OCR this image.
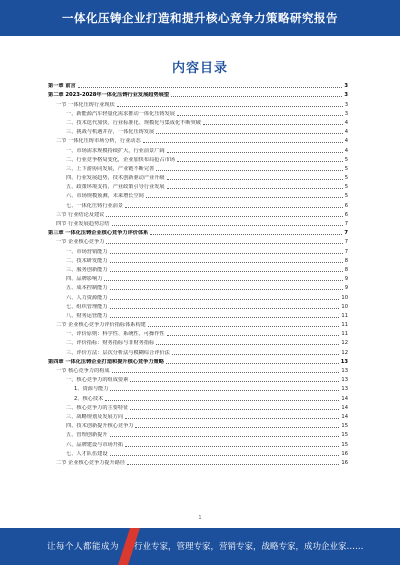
一体化压铸企业打造和提升核心竞争力策略研究报告
内容目录
第一章 前言	3
第二章 2023-2028年一体化压铸行业发展趋势展望	3
一节 一体化压铸行业现状	3
一、新能源汽车轻量化需求推动一体化压铸发展	3
二、技术迭代加快、行业标准化、规模化与集成化不断突破	4
三、挑战与机遇并存，一体化压铸发展	4
二节 一体化压铸市场分析，行业动态	4
一、市场需求规模持续扩大，行业前景广阔	4
二、行业竞争格局变化，企业加快布局抢占市场	5
三、上下游协同发展，产业链不断完善	5
四、行业发展趋势，技术创新驱动产业升级	5
五、政策环境支持，产业政策引导行业发展	5
六、市场规模预测，未来增长空间	5
七、一体化压铸行业前景	6
三节 行业结论及建议	6
四节 行业发展趋势总结	7
第三章 一体化压铸企业核心竞争力评价体系	7
一节 企业核心竞争力	7
一、市场营销能力	7
二、技术研发能力	8
三、服务创新能力	8
四、品牌影响力	9
五、成本控制能力	9
六、人力资源能力	10
七、组织管理能力	10
八、财务运营能力	11
二节 企业核心竞争力评价指标体系构建	11
一、评价原则：科学性、系统性、可操作性	11
二、评价指标：财务指标与非财务指标	12
三、评价方法：层次分析法与模糊综合评价法	12
第四章 一体化压铸企业打造和提升核心竞争力策略	13
一节 核心竞争力的构成	13
一、核心竞争力的组成要素	13
1、资源与能力	13
2、核心技术	14
二、核心竞争力的主要特征	14
三、战略规划及发展方向	14
四、技术创新提升核心竞争力	15
五、管理创新提升	15
六、品牌建设与市场开拓	15
七、人才队伍建设	16
二节 企业核心竞争力提升路径	16
1
让每个人都能成为 行业专家，管理专家，营销专家，战略专家，成功企业家……
